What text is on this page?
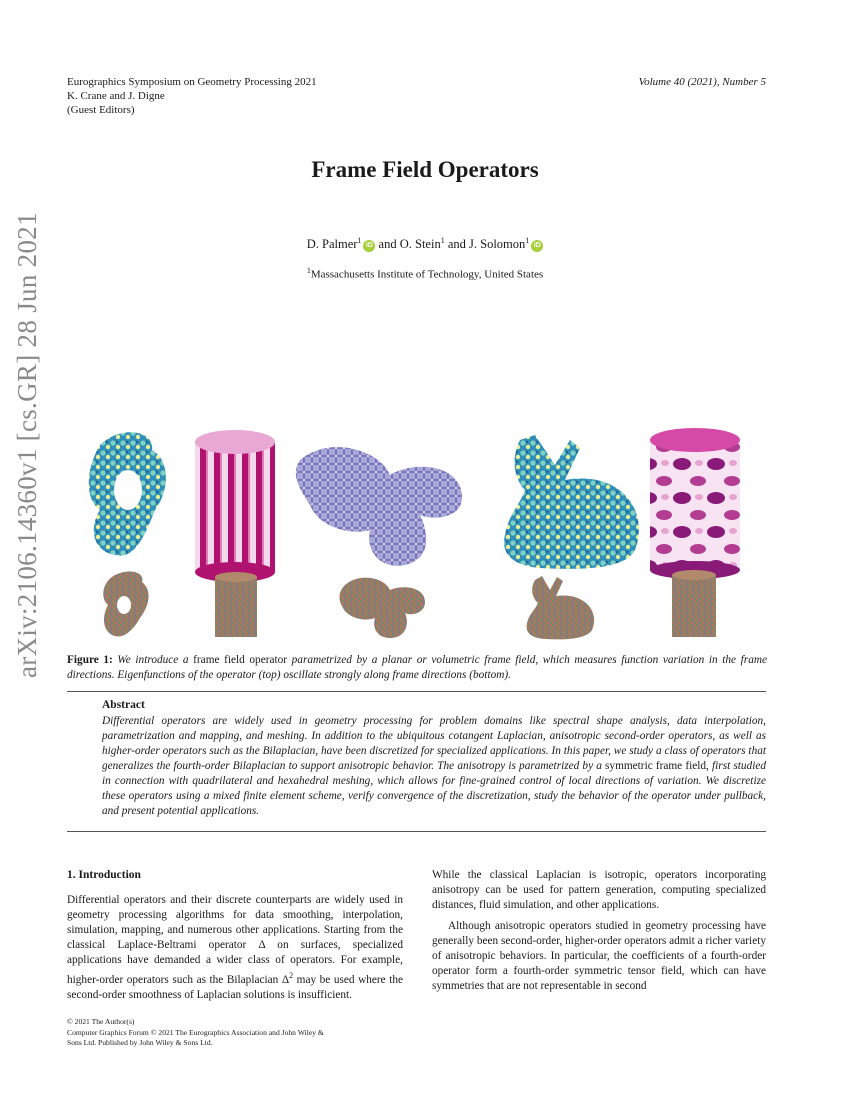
Eurographics Symposium on Geometry Processing 2021
K. Crane and J. Digne
(Guest Editors)
Volume 40 (2021), Number 5
Frame Field Operators
D. Palmer$^1$iD and O. Stein$^1$ and J. Solomon$^1$iD
$^1$Massachusetts Institute of Technology, United States
arXiv:2106.14360v1 [cs.GR] 28 Jun 2021 Figure 1: We introduce a frame field operator parametrized by a planar or volumetric frame field, which measures function variation in the frame directions. Eigenfunctions of the operator (top) oscillate strongly along frame directions (bottom).
Abstract
Differential operators are widely used in geometry processing for problem domains like spectral shape analysis, data interpolation, parametrization and mapping, and meshing. In addition to the ubiquitous cotangent Laplacian, anisotropic second-order operators, as well as higher-order operators such as the Bilaplacian, have been discretized for specialized applications. In this paper, we study a class of operators that generalizes the fourth-order Bilaplacian to support anisotropic behavior. The anisotropy is parametrized by a symmetric frame field, first studied in connection with quadrilateral and hexahedral meshing, which allows for fine-grained control of local directions of variation. We discretize these operators using a mixed finite element scheme, verify convergence of the discretization, study the behavior of the operator under pullback, and present potential applications.
1. Introduction
Differential operators and their discrete counterparts are widely used in geometry processing algorithms for data smoothing, interpolation, simulation, mapping, and numerous other applications. Starting from the classical Laplace-Beltrami operator Δ on surfaces, specialized applications have demanded a wider class of operators. For example, higher-order operators such as the Bilaplacian $\Delta^2$ may be used where the second-order smoothness of Laplacian solutions is insufficient.
While the classical Laplacian is isotropic, operators incorporating anisotropy can be used for pattern generation, computing specialized distances, fluid simulation, and other applications.
Although anisotropic operators studied in geometry processing have generally been second-order, higher-order operators admit a richer variety of anisotropic behaviors. In particular, the coefficients of a fourth-order operator form a fourth-order symmetric tensor field, which can have symmetries that are not representable in second
© 2021 The Author(s)
Computer Graphics Forum © 2021 The Eurographics Association and John Wiley & Sons Ltd. Published by John Wiley & Sons Ltd.
